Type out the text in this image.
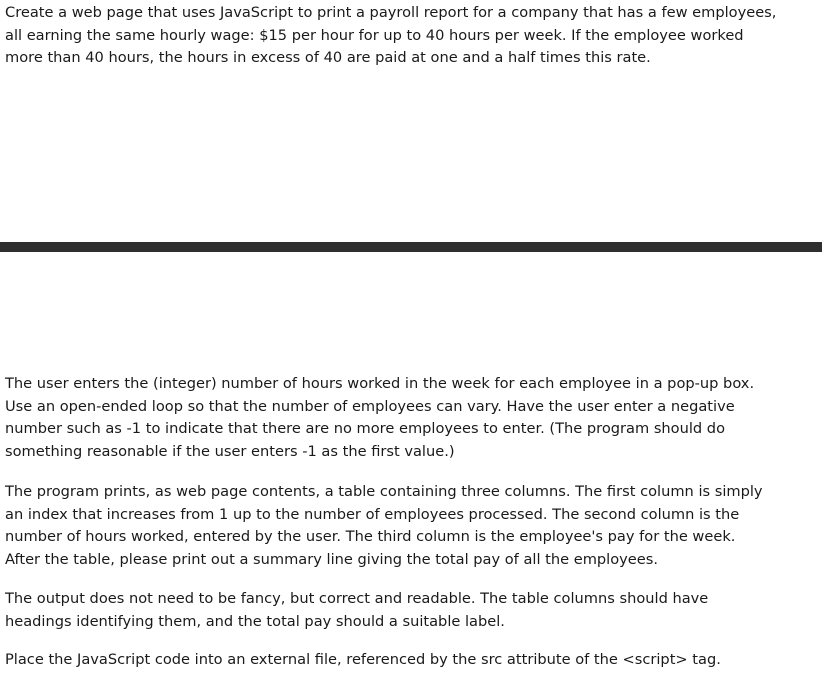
Create a web page that uses JavaScript to print a payroll report for a company that has a few employees,
all earning the same hourly wage: $15 per hour for up to 40 hours per week. If the employee worked
more than 40 hours, the hours in excess of 40 are paid at one and a half times this rate.
The user enters the (integer) number of hours worked in the week for each employee in a pop-up box.
Use an open-ended loop so that the number of employees can vary. Have the user enter a negative
number such as -1 to indicate that there are no more employees to enter. (The program should do
something reasonable if the user enters -1 as the first value.)
The program prints, as web page contents, a table containing three columns. The first column is simply
an index that increases from 1 up to the number of employees processed. The second column is the
number of hours worked, entered by the user. The third column is the employee's pay for the week.
After the table, please print out a summary line giving the total pay of all the employees.
The output does not need to be fancy, but correct and readable. The table columns should have
headings identifying them, and the total pay should a suitable label.
Place the JavaScript code into an external file, referenced by the src attribute of the <script> tag.
